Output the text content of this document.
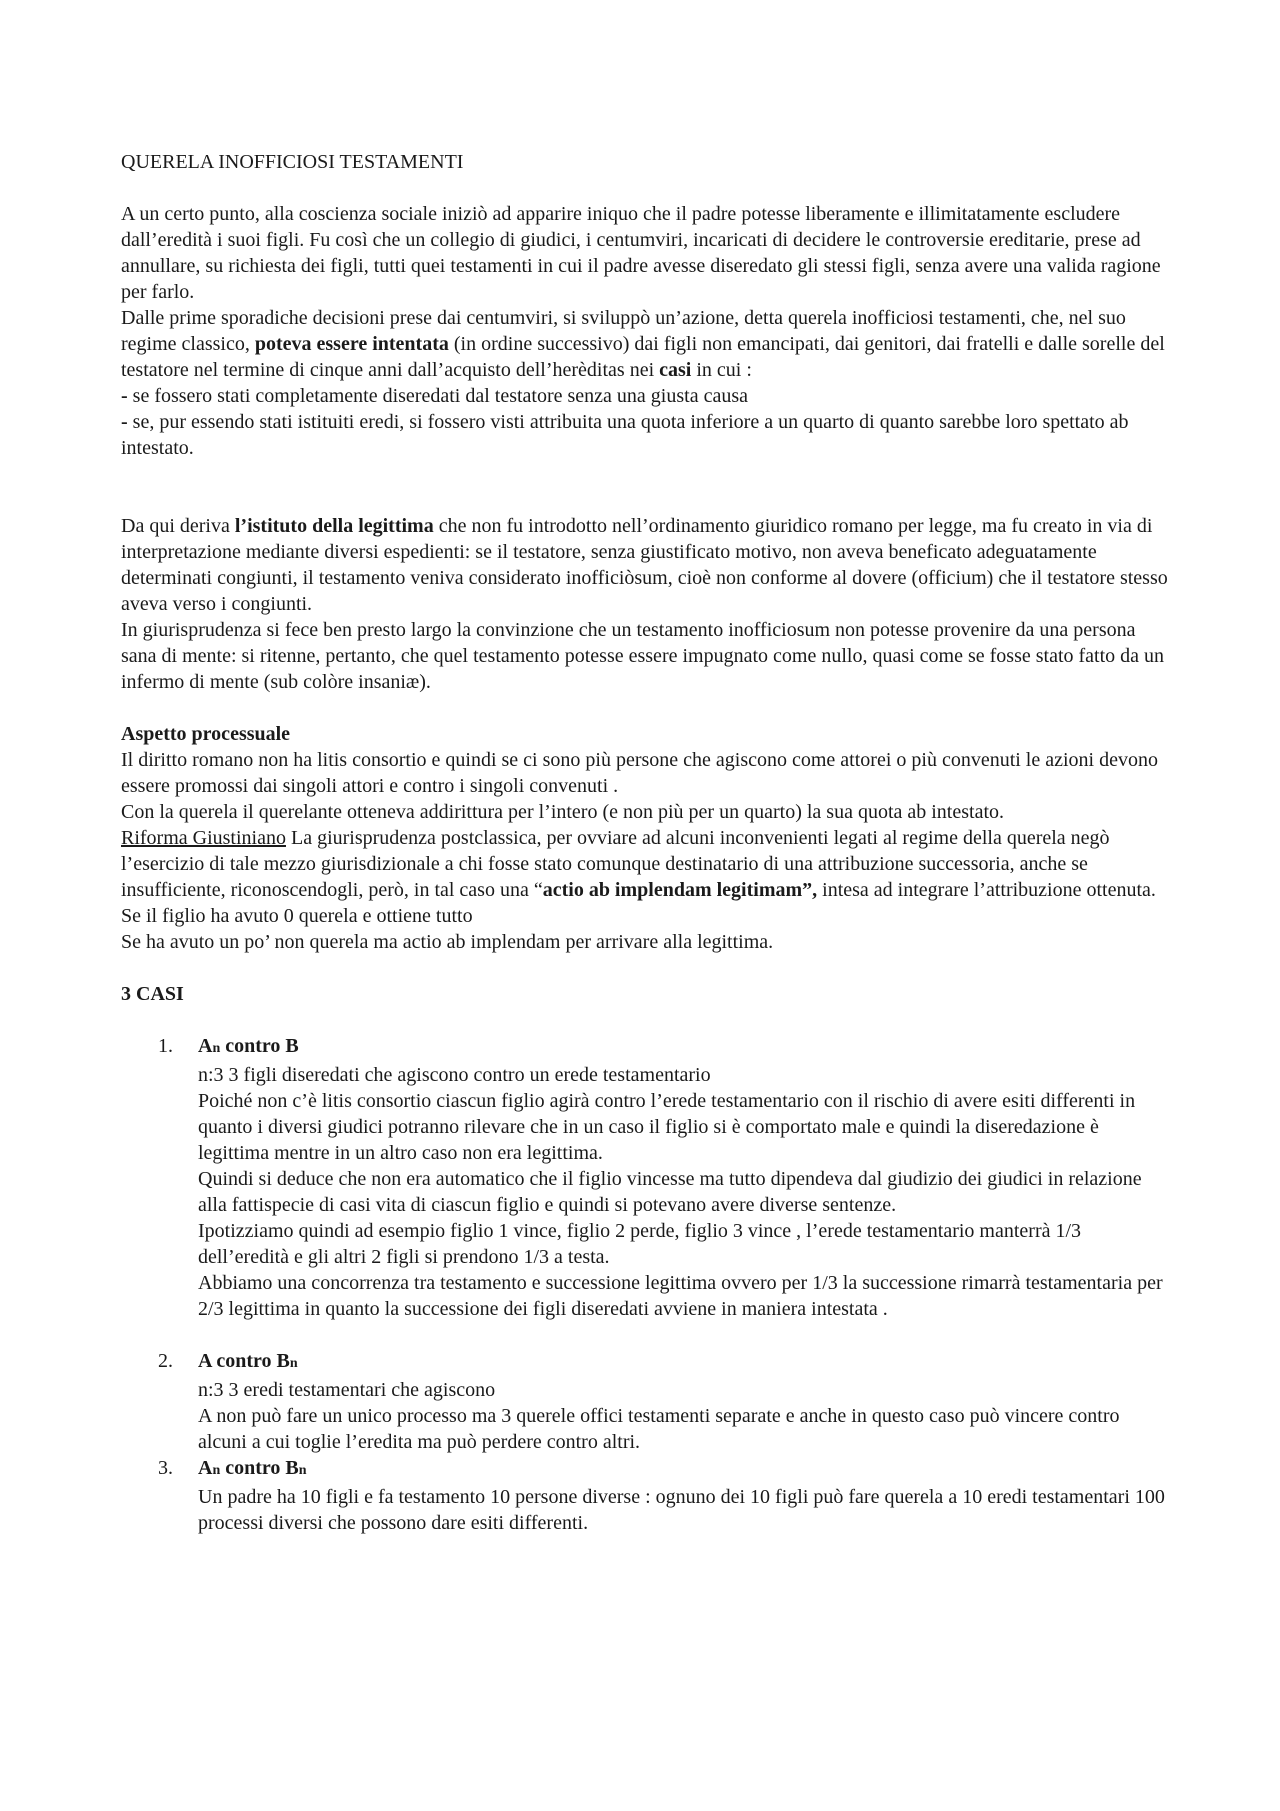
QUERELA INOFFICIOSI TESTAMENTI

A un certo punto, alla coscienza sociale iniziò ad apparire iniquo che il padre potesse liberamente e illimitatamente escludere dall’eredità i suoi figli. Fu così che un collegio di giudici, i centumviri, incaricati di decidere le controversie ereditarie, prese ad annullare, su richiesta dei figli, tutti quei testamenti in cui il padre avesse diseredato gli stessi figli, senza avere una valida ragione per farlo.

Dalle prime sporadiche decisioni prese dai centumviri, si sviluppò un’azione, detta querela inofficiosi testamenti, che, nel suo regime classico, poteva essere intentata (in ordine successivo) dai figli non emancipati, dai genitori, dai fratelli e dalle sorelle del testatore nel termine di cinque anni dall’acquisto dell’herèditas nei casi in cui :

- se fossero stati completamente diseredati dal testatore senza una giusta causa

- se, pur essendo stati istituiti eredi, si fossero visti attribuita una quota inferiore a un quarto di quanto sarebbe loro spettato ab intestato.

Da qui deriva l’istituto della legittima che non fu introdotto nell’ordinamento giuridico romano per legge, ma fu creato in via di interpretazione mediante diversi espedienti: se il testatore, senza giustificato motivo, non aveva beneficato adeguatamente determinati congiunti, il testamento veniva considerato inofficiòsum, cioè non conforme al dovere (officium) che il testatore stesso aveva verso i congiunti.

In giurisprudenza si fece ben presto largo la convinzione che un testamento inofficiosum non potesse provenire da una persona sana di mente: si ritenne, pertanto, che quel testamento potesse essere impugnato come nullo, quasi come se fosse stato fatto da un infermo di mente (sub colòre insaniæ).

Aspetto processuale

Il diritto romano non ha litis consortio e quindi se ci sono più persone che agiscono come attorei o più convenuti le azioni devono essere promossi dai singoli attori e contro i singoli convenuti .

Con la querela il querelante otteneva addirittura per l’intero (e non più per un quarto) la sua quota ab intestato.

Riforma Giustiniano La giurisprudenza postclassica, per ovviare ad alcuni inconvenienti legati al regime della querela negò l’esercizio di tale mezzo giurisdizionale a chi fosse stato comunque destinatario di una attribuzione successoria, anche se insufficiente, riconoscendogli, però, in tal caso una “actio ab implendam legitimam”, intesa ad integrare l’attribuzione ottenuta.

Se il figlio ha avuto 0 querela e ottiene tutto

Se ha avuto un po’ non querela ma actio ab implendam per arrivare alla legittima.

3 CASI

1. An contro B

n:3 3 figli diseredati che agiscono contro un erede testamentario

Poiché non c’è litis consortio ciascun figlio agirà contro l’erede testamentario con il rischio di avere esiti differenti in quanto i diversi giudici potranno rilevare che in un caso il figlio si è comportato male e quindi la diseredazione è legittima mentre in un altro caso non era legittima.

Quindi si deduce che non era automatico che il figlio vincesse ma tutto dipendeva dal giudizio dei giudici in relazione alla fattispecie di casi vita di ciascun figlio e quindi si potevano avere diverse sentenze.

Ipotizziamo quindi ad esempio figlio 1 vince, figlio 2 perde, figlio 3 vince , l’erede testamentario manterrà 1/3 dell’eredità e gli altri 2 figli si prendono 1/3 a testa.

Abbiamo una concorrenza tra testamento e successione legittima ovvero per 1/3 la successione rimarrà testamentaria per 2/3 legittima in quanto la successione dei figli diseredati avviene in maniera intestata .

2. A contro Bn

n:3 3 eredi testamentari che agiscono

A non può fare un unico processo ma 3 querele offici testamenti separate e anche in questo caso può vincere contro alcuni a cui toglie l’eredita ma può perdere contro altri.

3. An contro Bn

Un padre ha 10 figli e fa testamento 10 persone diverse : ognuno dei 10 figli può fare querela a 10 eredi testamentari 100 processi diversi che possono dare esiti differenti.
